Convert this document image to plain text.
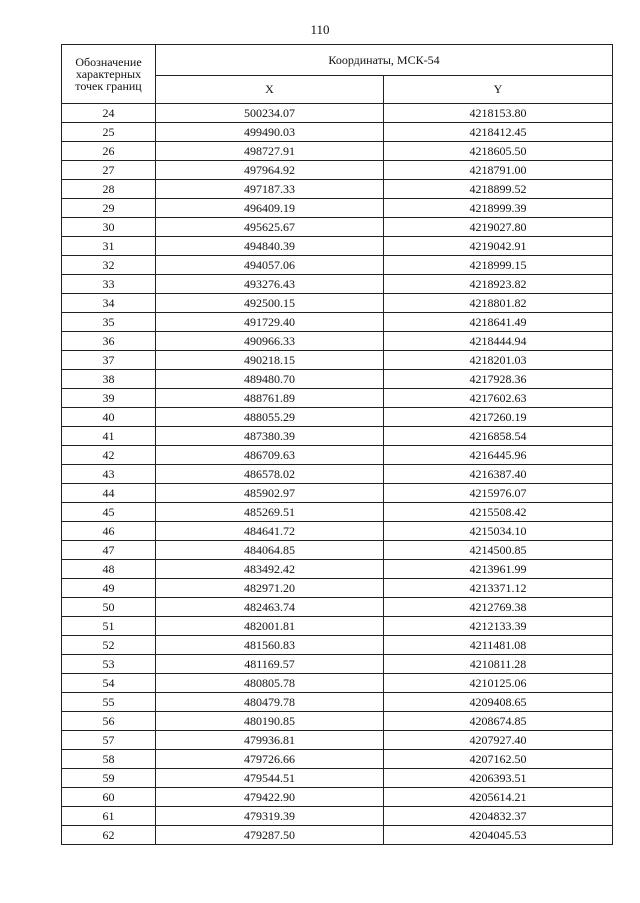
110
Обозначение характерных точек границ	Координаты, МСК-54	
	X	Y
24	500234.07	4218153.80
25	499490.03	4218412.45
26	498727.91	4218605.50
27	497964.92	4218791.00
28	497187.33	4218899.52
29	496409.19	4218999.39
30	495625.67	4219027.80
31	494840.39	4219042.91
32	494057.06	4218999.15
33	493276.43	4218923.82
34	492500.15	4218801.82
35	491729.40	4218641.49
36	490966.33	4218444.94
37	490218.15	4218201.03
38	489480.70	4217928.36
39	488761.89	4217602.63
40	488055.29	4217260.19
41	487380.39	4216858.54
42	486709.63	4216445.96
43	486578.02	4216387.40
44	485902.97	4215976.07
45	485269.51	4215508.42
46	484641.72	4215034.10
47	484064.85	4214500.85
48	483492.42	4213961.99
49	482971.20	4213371.12
50	482463.74	4212769.38
51	482001.81	4212133.39
52	481560.83	4211481.08
53	481169.57	4210811.28
54	480805.78	4210125.06
55	480479.78	4209408.65
56	480190.85	4208674.85
57	479936.81	4207927.40
58	479726.66	4207162.50
59	479544.51	4206393.51
60	479422.90	4205614.21
61	479319.39	4204832.37
62	479287.50	4204045.53
